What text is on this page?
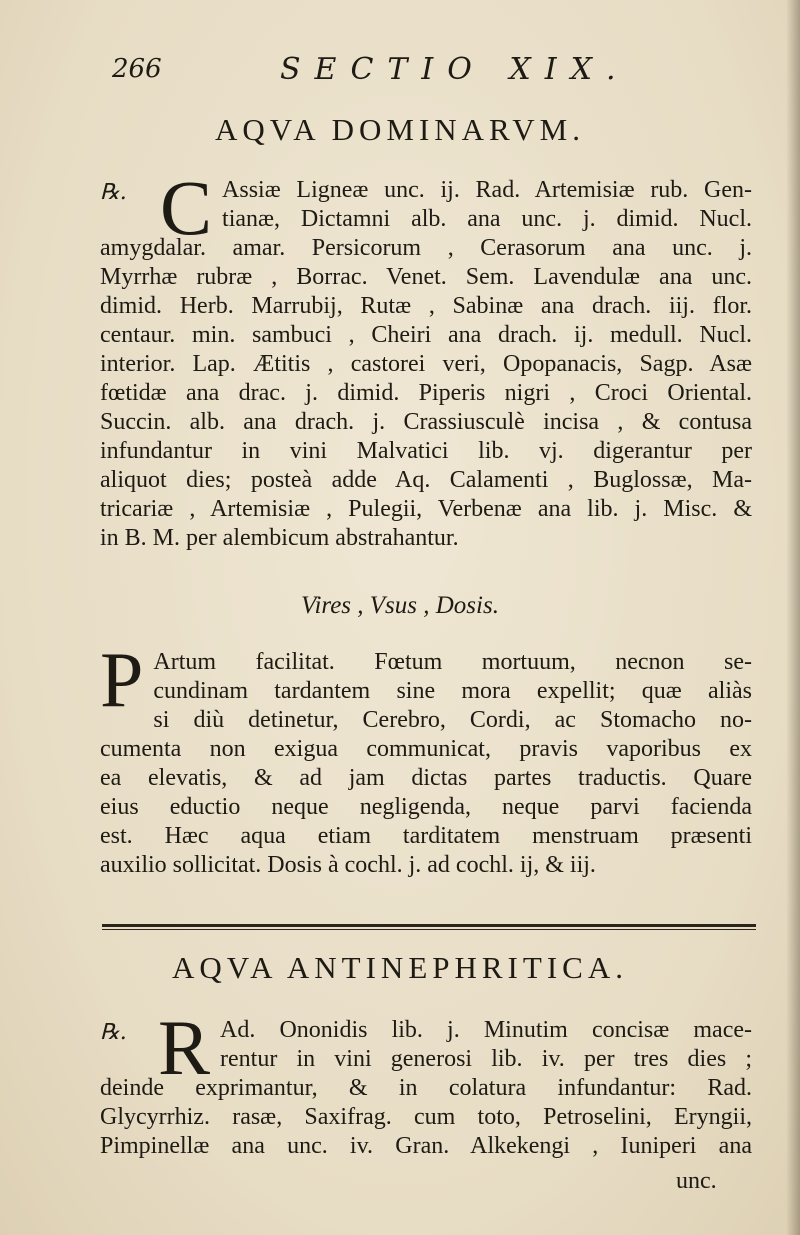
266	SECTIO XIX.
AQVA DOMINARVM.
℞. C Assiæ Ligneæ unc. ij. Rad. Artemisiæ rub. Gen-
tianæ, Dictamni alb. ana unc. j. dimid. Nucl.
amygdalar. amar. Persicorum , Cerasorum ana unc. j.
Myrrhæ rubræ , Borrac. Venet. Sem. Lavendulæ ana unc.
dimid. Herb. Marrubij, Rutæ , Sabinæ ana drach. iij. flor.
centaur. min. sambuci , Cheiri ana drach. ij. medull. Nucl.
interior. Lap. Ætitis , castorei veri, Opopanacis, Sagp. Asæ
fœtidæ ana drac. j. dimid. Piperis nigri , Croci Oriental.
Succin. alb. ana drach. j. Crassiusculè incisa , & contusa
infundantur in vini Malvatici lib. vj. digerantur per
aliquot dies; posteà adde Aq. Calamenti , Buglossæ, Ma-
tricariæ , Artemisiæ , Pulegii, Verbenæ ana lib. j. Misc. &
in B. M. per alembicum abstrahantur.
Vires , Vsus , Dosis.
P Artum facilitat. Fœtum mortuum, necnon se-
cundinam tardantem sine mora expellit; quæ aliàs
si diù detinetur, Cerebro, Cordi, ac Stomacho no-
cumenta non exigua communicat, pravis vaporibus ex
ea elevatis, & ad jam dictas partes traductis. Quare
eius eductio neque negligenda, neque parvi facienda
est. Hæc aqua etiam tarditatem menstruam præsenti
auxilio sollicitat. Dosis à cochl. j. ad cochl. ij, & iij.
AQVA ANTINEPHRITICA.
℞. R Ad. Ononidis lib. j. Minutim concisæ mace-
rentur in vini generosi lib. iv. per tres dies ;
deinde exprimantur, & in colatura infundantur: Rad.
Glycyrrhiz. rasæ, Saxifrag. cum toto, Petroselini, Eryngii,
Pimpinellæ ana unc. iv. Gran. Alkekengi , Iuniperi ana
unc.
